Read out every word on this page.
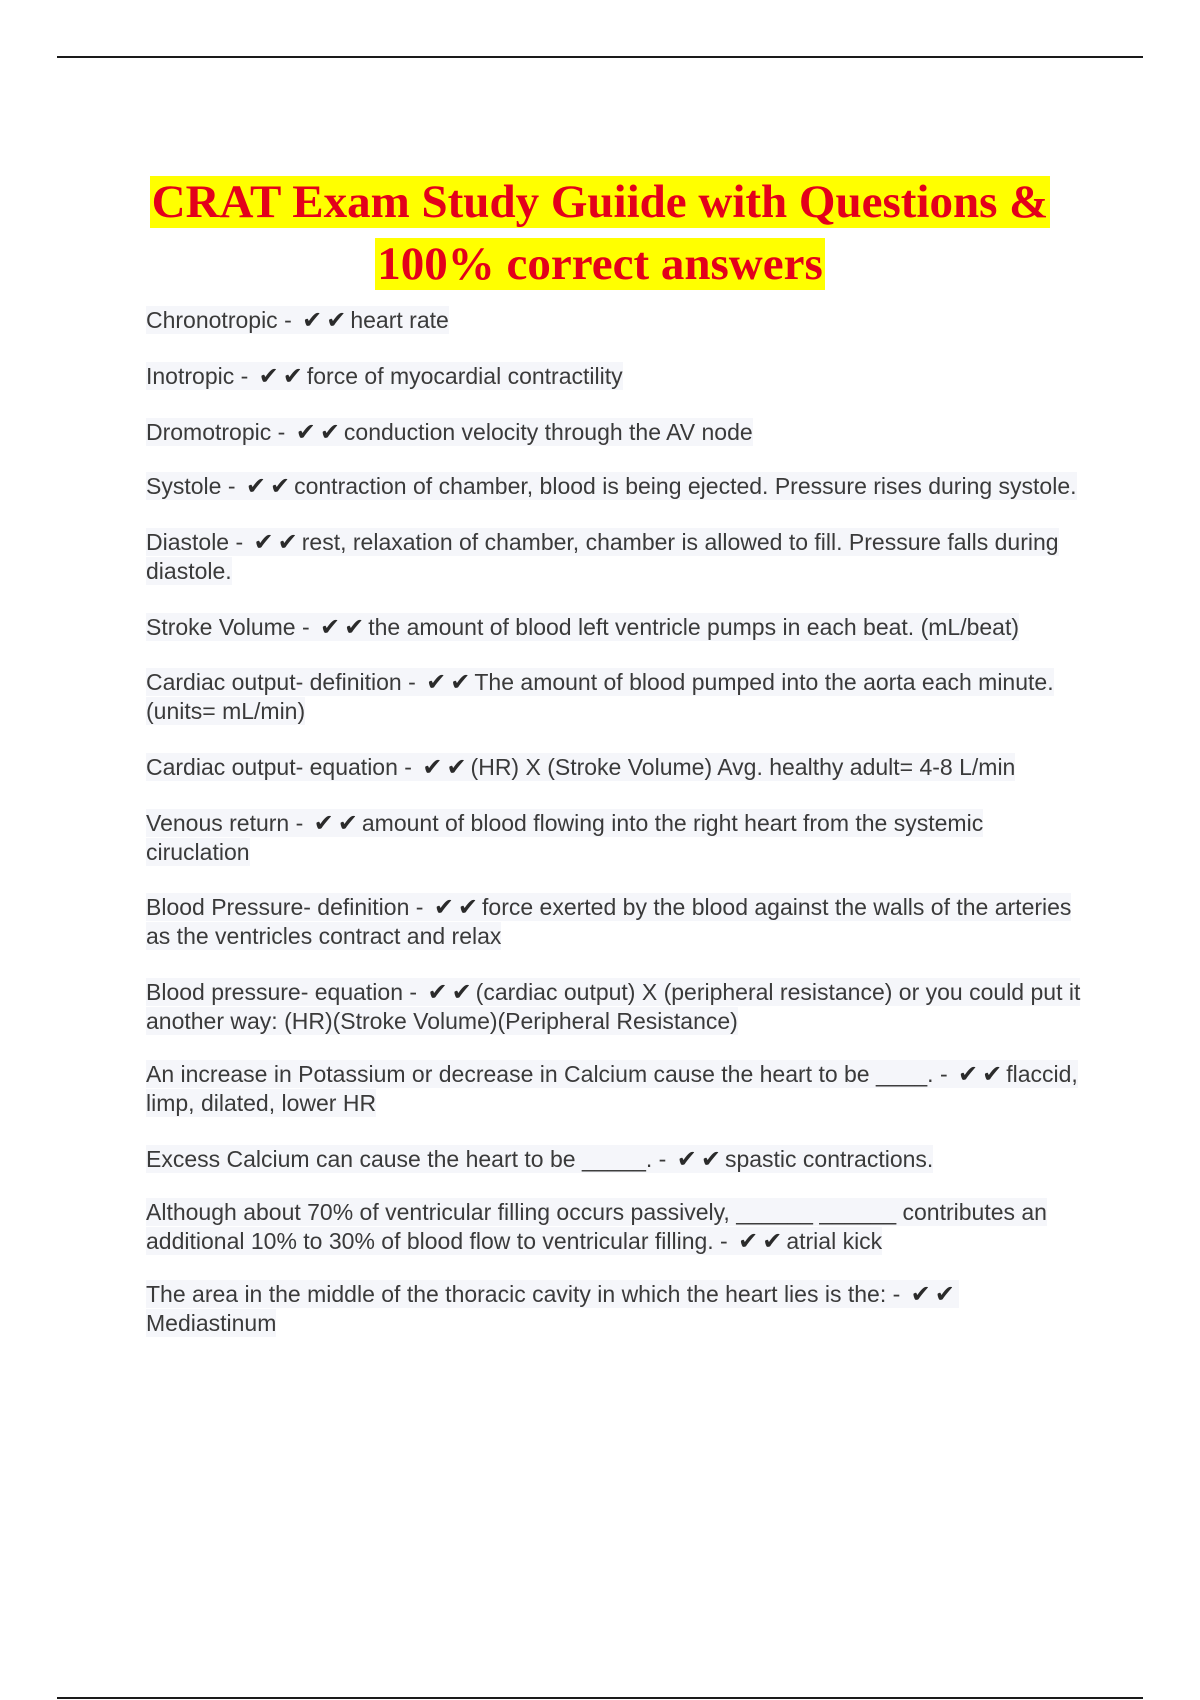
CRAT Exam Study Guiide with Questions &
100% correct answers
Chronotropic - ✔✔heart rate
Inotropic - ✔✔force of myocardial contractility
Dromotropic - ✔✔conduction velocity through the AV node
Systole - ✔✔contraction of chamber, blood is being ejected. Pressure rises during systole.
Diastole - ✔✔rest, relaxation of chamber, chamber is allowed to fill. Pressure falls during diastole.
Stroke Volume - ✔✔the amount of blood left ventricle pumps in each beat. (mL/beat)
Cardiac output- definition - ✔✔The amount of blood pumped into the aorta each minute. (units= mL/min)
Cardiac output- equation - ✔✔(HR) X (Stroke Volume) Avg. healthy adult= 4-8 L/min
Venous return - ✔✔amount of blood flowing into the right heart from the systemic ciruclation
Blood Pressure- definition - ✔✔force exerted by the blood against the walls of the arteries as the ventricles contract and relax
Blood pressure- equation - ✔✔(cardiac output) X (peripheral resistance) or you could put it another way: (HR)(Stroke Volume)(Peripheral Resistance)
An increase in Potassium or decrease in Calcium cause the heart to be ____. - ✔✔flaccid, limp, dilated, lower HR
Excess Calcium can cause the heart to be _____. - ✔✔spastic contractions.
Although about 70% of ventricular filling occurs passively, ______ ______ contributes an additional 10% to 30% of blood flow to ventricular filling. - ✔✔atrial kick
The area in the middle of the thoracic cavity in which the heart lies is the: - ✔✔Mediastinum
